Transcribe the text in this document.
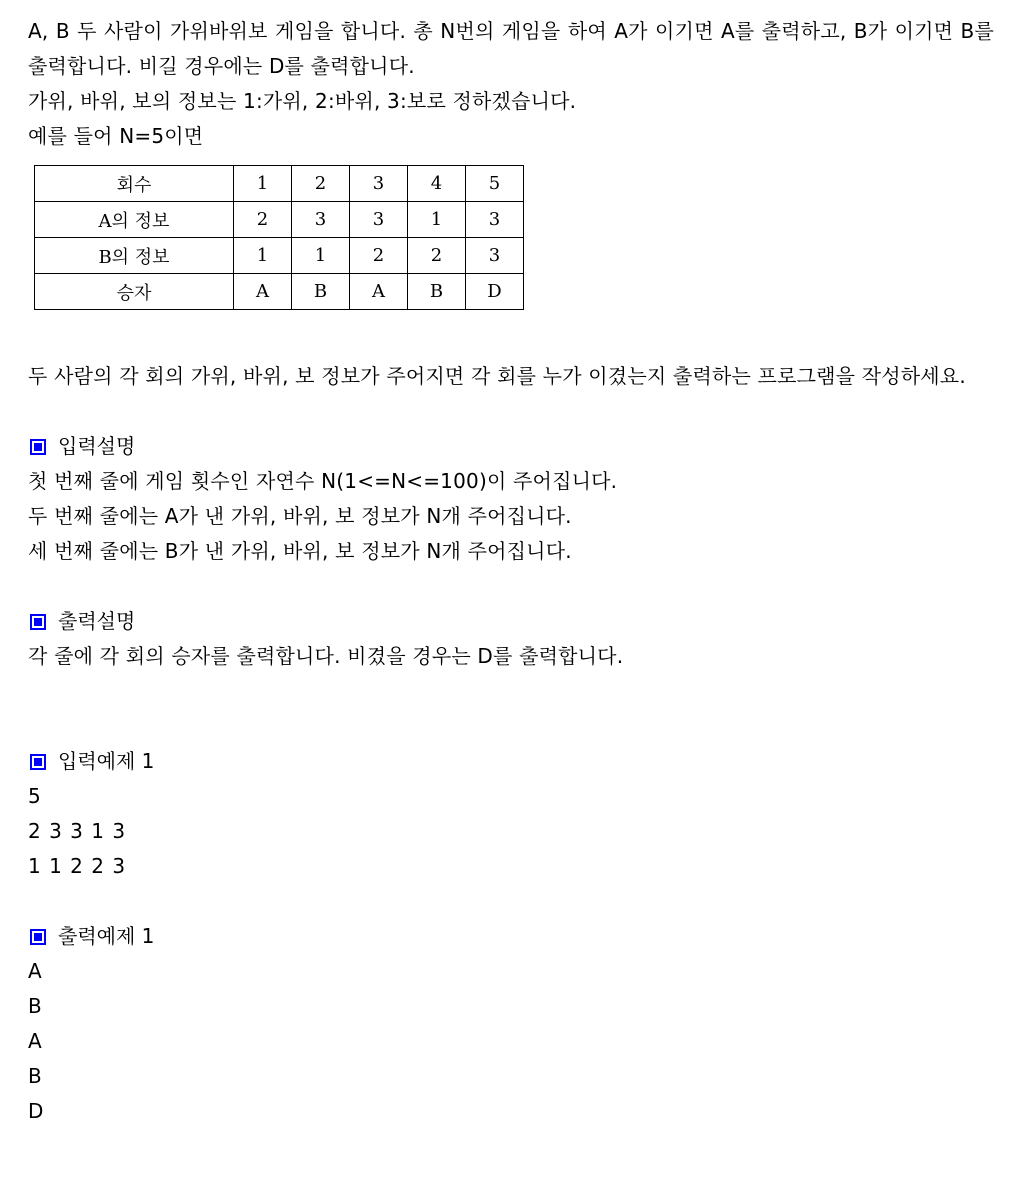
A, B 두 사람이 가위바위보 게임을 합니다. 총 N번의 게임을 하여 A가 이기면 A를 출력하고, B가 이기면 B를 출력합니다. 비길 경우에는 D를 출력합니다.
가위, 바위, 보의 정보는 1:가위, 2:바위, 3:보로 정하겠습니다.
예를 들어 N=5이면
회수	1	2	3	4	5
A의 정보	2	3	3	1	3
B의 정보	1	1	2	2	3
승자	A	B	A	B	D
두 사람의 각 회의 가위, 바위, 보 정보가 주어지면 각 회를 누가 이겼는지 출력하는 프로그램을 작성하세요.
입력설명
첫 번째 줄에 게임 횟수인 자연수 N(1<=N<=100)이 주어집니다.
두 번째 줄에는 A가 낸 가위, 바위, 보 정보가 N개 주어집니다.
세 번째 줄에는 B가 낸 가위, 바위, 보 정보가 N개 주어집니다.
출력설명
각 줄에 각 회의 승자를 출력합니다. 비겼을 경우는 D를 출력합니다.
입력예제 1
5
2 3 3 1 3
1 1 2 2 3
출력예제 1
A
B
A
B
D
